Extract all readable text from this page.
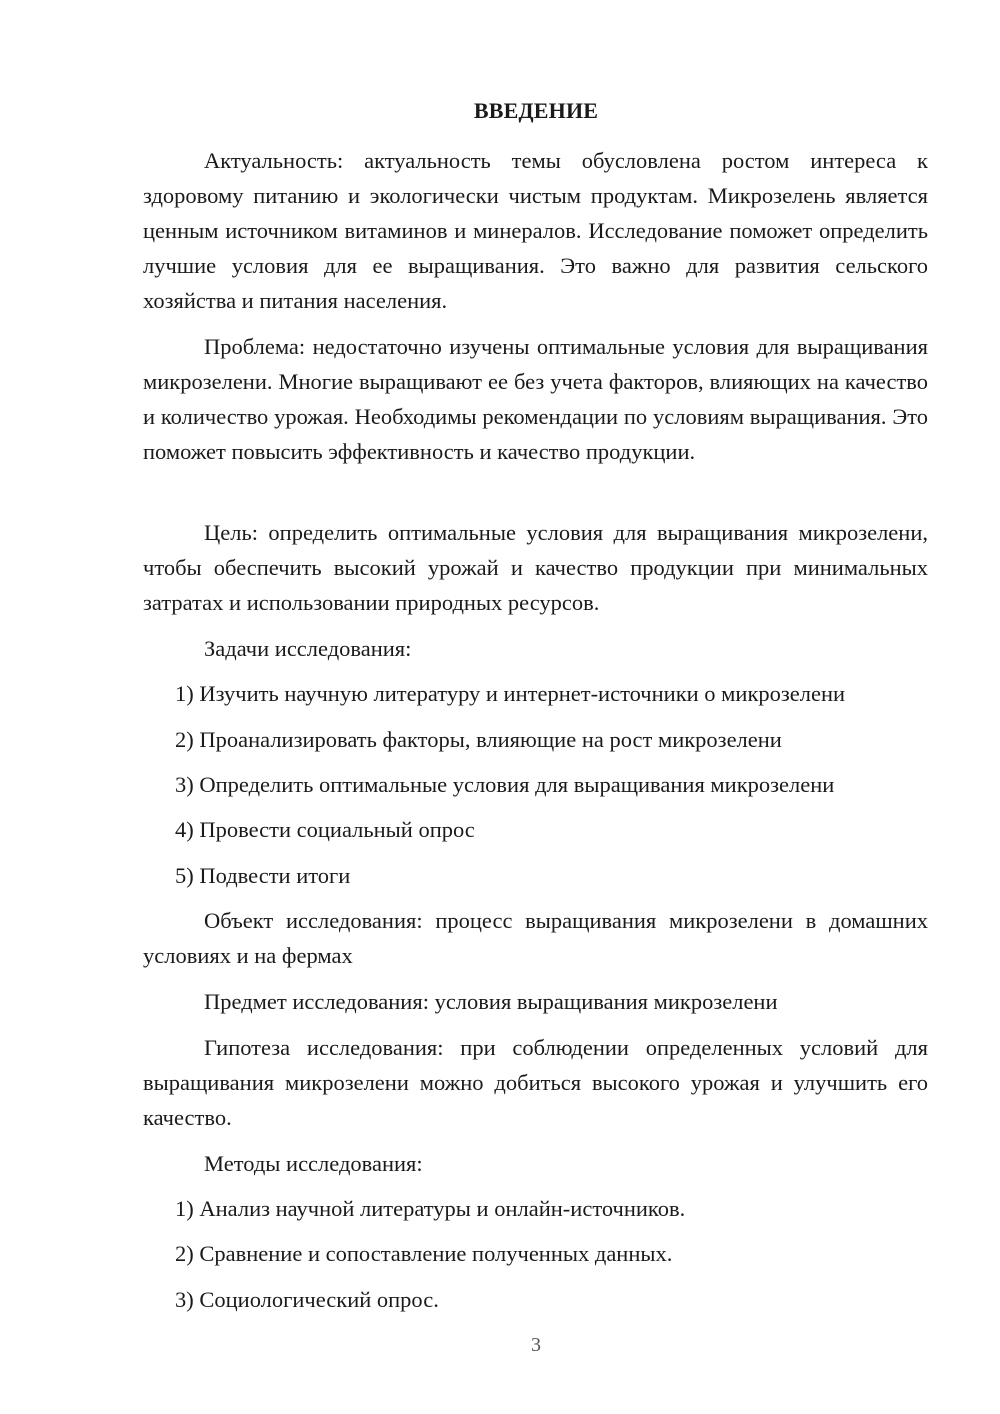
ВВЕДЕНИЕ
Актуальность: актуальность темы обусловлена ростом интереса к здоровому питанию и экологически чистым продуктам. Микрозелень является ценным источником витаминов и минералов. Исследование поможет определить лучшие условия для ее выращивания. Это важно для развития сельского хозяйства и питания населения.
Проблема: недостаточно изучены оптимальные условия для выращивания микрозелени. Многие выращивают ее без учета факторов, влияющих на качество и количество урожая. Необходимы рекомендации по условиям выращивания. Это поможет повысить эффективность и качество продукции.
Цель: определить оптимальные условия для выращивания микрозелени, чтобы обеспечить высокий урожай и качество продукции при минимальных затратах и использовании природных ресурсов.
Задачи исследования:
1) Изучить научную литературу и интернет-источники о микрозелени
2) Проанализировать факторы, влияющие на рост микрозелени
3) Определить оптимальные условия для выращивания микрозелени
4) Провести социальный опрос
5) Подвести итоги
Объект исследования: процесс выращивания микрозелени в домашних условиях и на фермах
Предмет исследования: условия выращивания микрозелени
Гипотеза исследования: при соблюдении определенных условий для выращивания микрозелени можно добиться высокого урожая и улучшить его качество.
Методы исследования:
1) Анализ научной литературы и онлайн-источников.
2) Сравнение и сопоставление полученных данных.
3) Социологический опрос.
3
